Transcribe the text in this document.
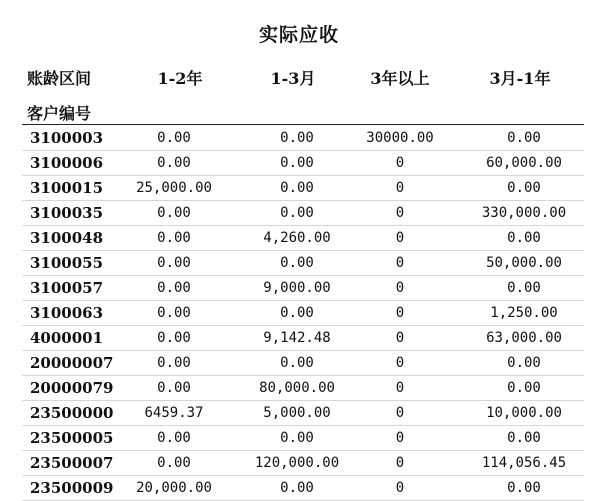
实际应收
账龄区间	1-2年	1-3月	3年以上	3月-1年
客户编号
3100003	0.00	0.00	30000.00	0.00
3100006	0.00	0.00	0	60,000.00
3100015	25,000.00	0.00	0	0.00
3100035	0.00	0.00	0	330,000.00
3100048	0.00	4,260.00	0	0.00
3100055	0.00	0.00	0	50,000.00
3100057	0.00	9,000.00	0	0.00
3100063	0.00	0.00	0	1,250.00
4000001	0.00	9,142.48	0	63,000.00
20000007	0.00	0.00	0	0.00
20000079	0.00	80,000.00	0	0.00
23500000	6459.37	5,000.00	0	10,000.00
23500005	0.00	0.00	0	0.00
23500007	0.00	120,000.00	0	114,056.45
23500009	20,000.00	0.00	0	0.00
